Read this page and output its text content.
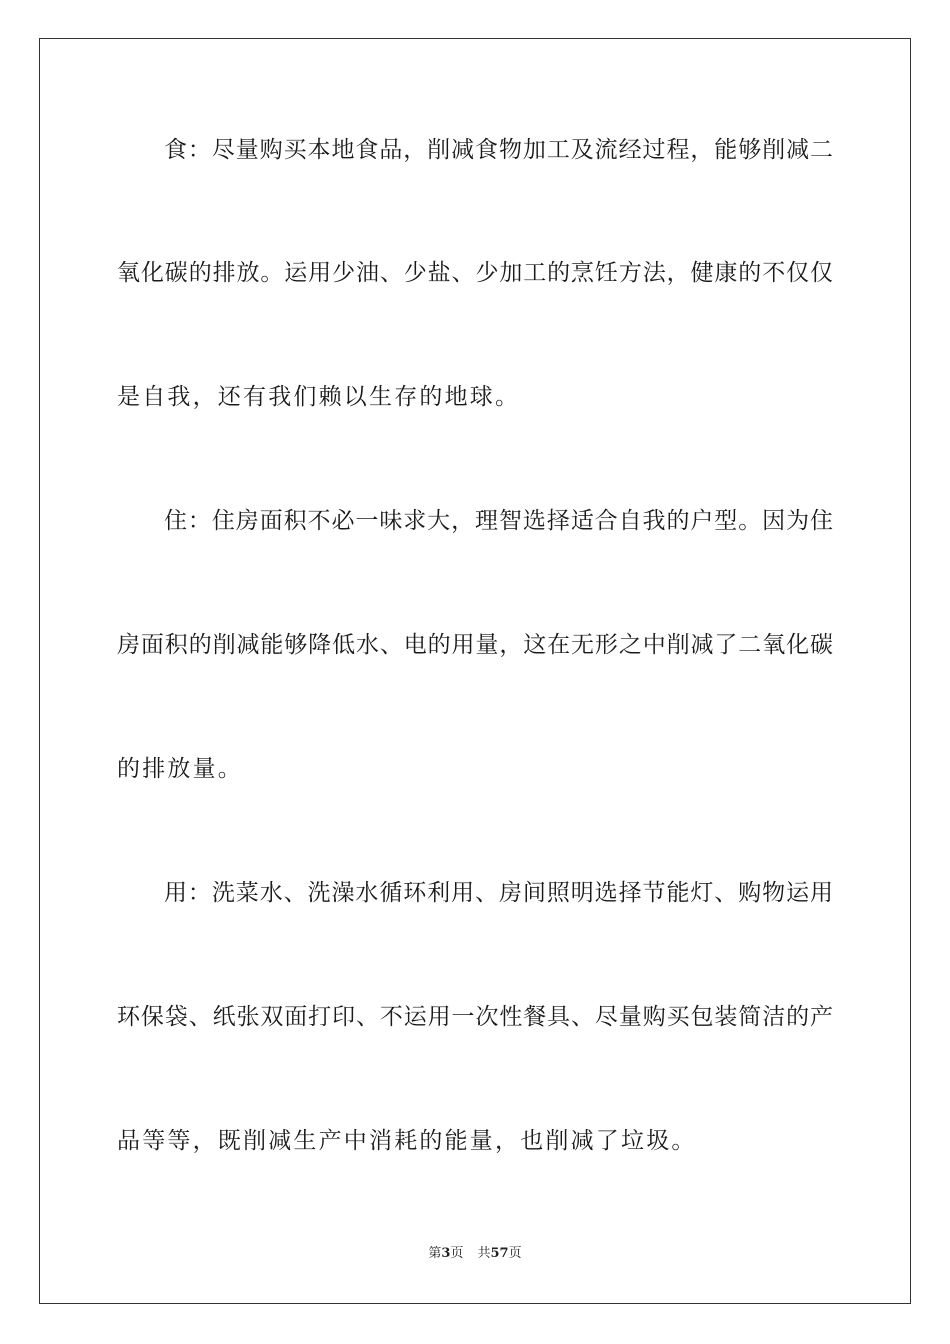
食：尽量购买本地食品，削减食物加工及流经过程，能够削减二
氧化碳的排放。运用少油、少盐、少加工的烹饪方法，健康的不仅仅
是自我，还有我们赖以生存的地球。
住：住房面积不必一味求大，理智选择适合自我的户型。因为住
房面积的削减能够降低水、电的用量，这在无形之中削减了二氧化碳
的排放量。
用：洗菜水、洗澡水循环利用、房间照明选择节能灯、购物运用
环保袋、纸张双面打印、不运用一次性餐具、尽量购买包装简洁的产
品等等，既削减生产中消耗的能量，也削减了垃圾。
第3页 共57页
